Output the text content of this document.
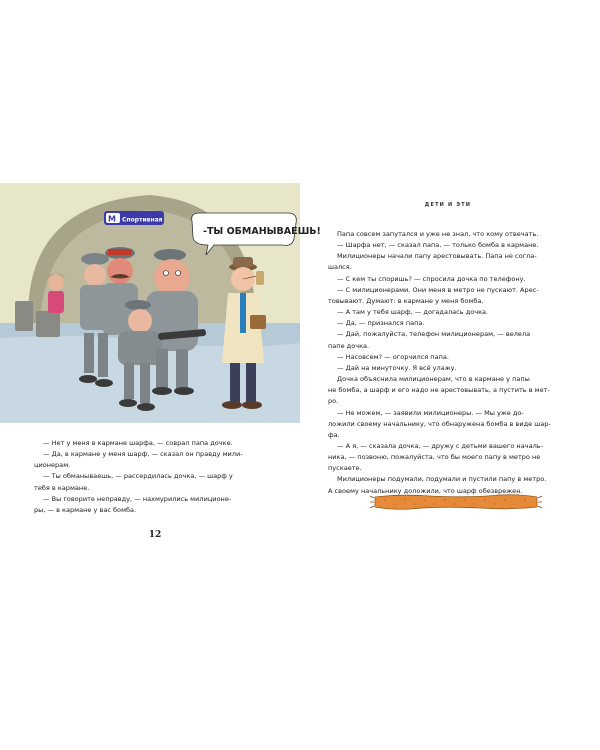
М Спортивная
-ТЫ ОБМАНЫВАЕШЬ!

— Нет у меня в кармане шарфа, — соврал папа дочке.

— Да, в кармане у меня шарф, — сказал он правду мили-
ционерам.

— Ты обманываешь, — рассердилась дочка, — шарф у
тебя в кармане.

— Вы говорите неправду, — нахмурились милиционе-
ры, — в кармане у вас бомба.

12
ДЕТИ И ЭТИ

Папа совсем запутался и уже не знал, что кому отвечать.

— Шарфа нет, — сказал папа, — только бомба в кармане.

Милиционеры начали папу арестовывать. Папа не согла-
шался.

— С кем ты споришь? — спросила дочка по телефону.

— С милиционерами. Они меня в метро не пускают. Арес-
товывают. Думают: в кармане у меня бомба.

— А там у тебя шарф, — догадалась дочка.

— Да, — признался папа.

— Дай, пожалуйста, телефон милиционерам, — велела
папе дочка.

— Насовсем? — огорчился папа.

— Дай на минуточку. Я всё улажу.

Дочка объяснила милиционерам, что в кармане у папы
не бомба, а шарф и его надо не арестовывать, а пустить в мет-
ро.

— Не можем, — заявили милиционеры. — Мы уже до-
ложили своему начальнику, что обнаружена бомба в виде шар-
фа.

— А я, — сказала дочка, — дружу с детьми вашего началь-
ника, — позвоню, пожалуйста, что бы моего папу в метро не
пускаете.

Милиционеры подумали, подумали и пустили папу в метро.
А своему начальнику доложили, что шарф обезврежен.
